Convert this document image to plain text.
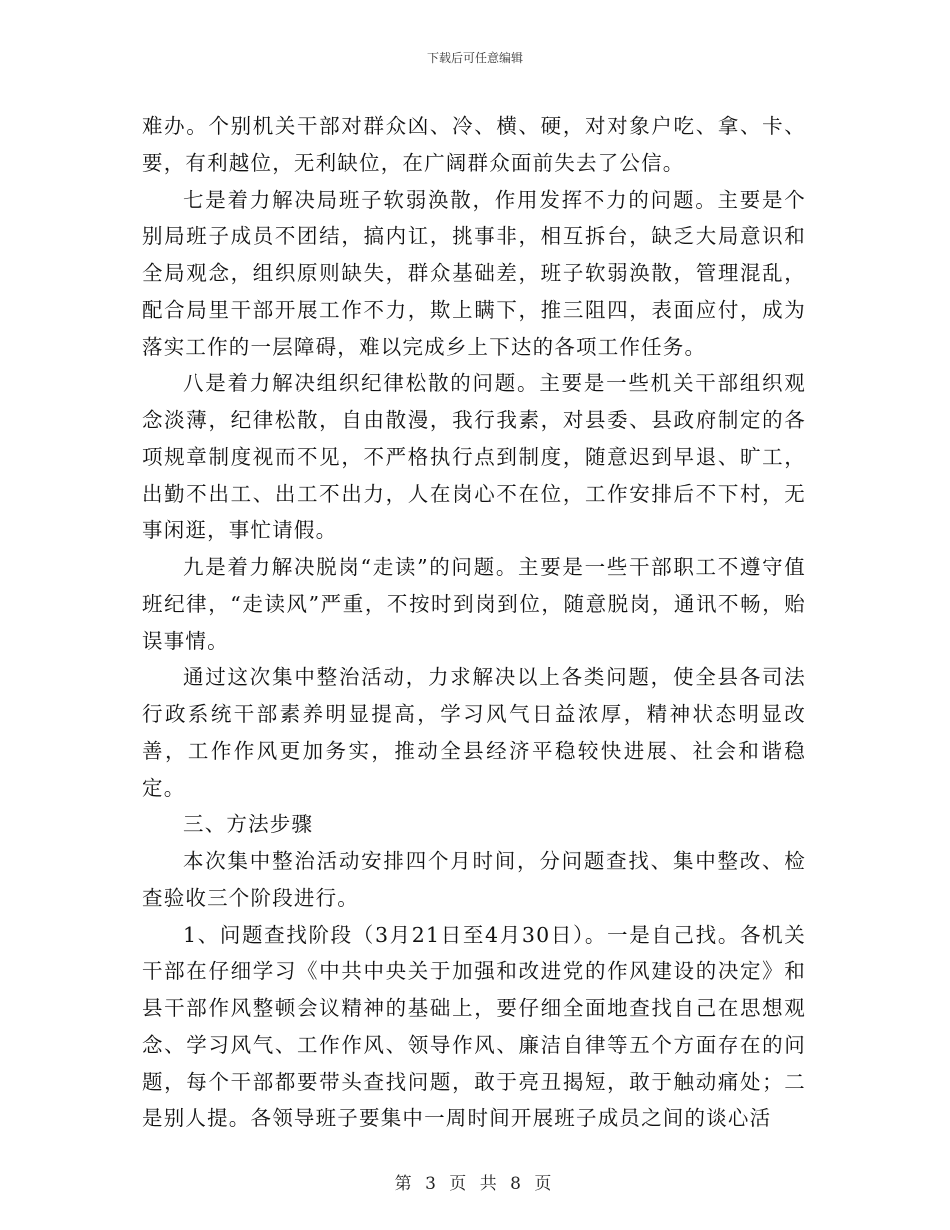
下载后可任意编辑

难办。个别机关干部对群众凶、冷、横、硬，对对象户吃、拿、卡、要，有利越位，无利缺位，在广阔群众面前失去了公信。

七是着力解决局班子软弱涣散，作用发挥不力的问题。主要是个别局班子成员不团结，搞内讧，挑事非，相互拆台，缺乏大局意识和全局观念，组织原则缺失，群众基础差，班子软弱涣散，管理混乱，配合局里干部开展工作不力，欺上瞒下，推三阻四，表面应付，成为落实工作的一层障碍，难以完成乡上下达的各项工作任务。

八是着力解决组织纪律松散的问题。主要是一些机关干部组织观念淡薄，纪律松散，自由散漫，我行我素，对县委、县政府制定的各项规章制度视而不见，不严格执行点到制度，随意迟到早退、旷工，出勤不出工、出工不出力，人在岗心不在位，工作安排后不下村，无事闲逛，事忙请假。

九是着力解决脱岗“走读”的问题。主要是一些干部职工不遵守值班纪律，“走读风”严重，不按时到岗到位，随意脱岗，通讯不畅，贻误事情。

通过这次集中整治活动，力求解决以上各类问题，使全县各司法行政系统干部素养明显提高，学习风气日益浓厚，精神状态明显改善，工作作风更加务实，推动全县经济平稳较快进展、社会和谐稳定。

三、方法步骤

本次集中整治活动安排四个月时间，分问题查找、集中整改、检查验收三个阶段进行。

1、问题查找阶段（3月21日至4月30日）。一是自己找。各机关干部在仔细学习《中共中央关于加强和改进党的作风建设的决定》和县干部作风整顿会议精神的基础上，要仔细全面地查找自己在思想观念、学习风气、工作作风、领导作风、廉洁自律等五个方面存在的问题，每个干部都要带头查找问题，敢于亮丑揭短，敢于触动痛处；二是别人提。各领导班子要集中一周时间开展班子成员之间的谈心活

第 3 页 共 8 页
